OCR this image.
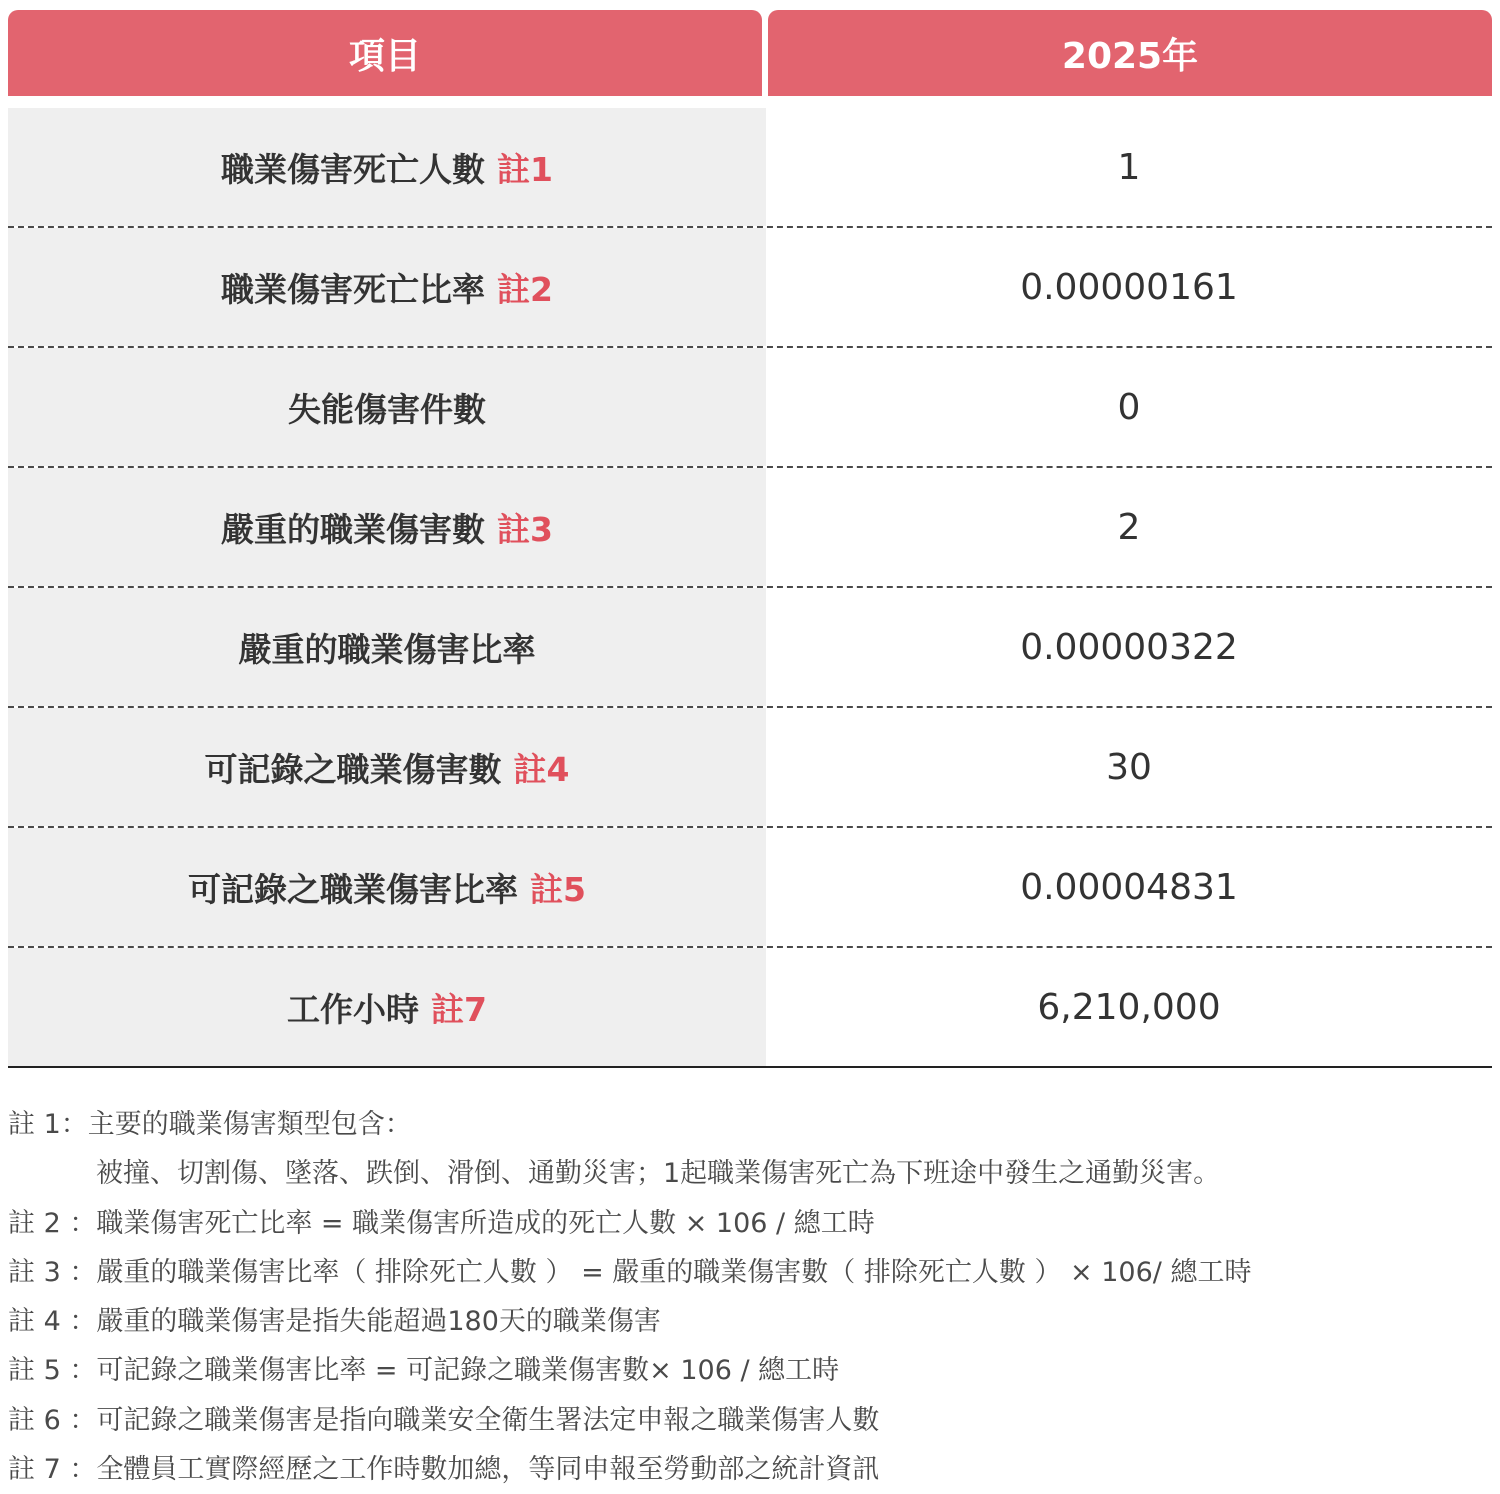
項目	2025年
職業傷害死亡人數 註1	1
職業傷害死亡比率 註2	0.00000161
失能傷害件數	0
嚴重的職業傷害數 註3	2
嚴重的職業傷害比率	0.00000322
可記錄之職業傷害數 註4	30
可記錄之職業傷害比率 註5	0.00004831
工作小時 註7	6,210,000
註 1：主要的職業傷害類型包含：
被撞、切割傷、墜落、跌倒、滑倒、通勤災害；1起職業傷害死亡為下班途中發生之通勤災害。
註 2 ：職業傷害死亡比率 = 職業傷害所造成的死亡人數 × 106 / 總工時
註 3 ：嚴重的職業傷害比率（ 排除死亡人數 ） = 嚴重的職業傷害數（ 排除死亡人數 ） × 106/ 總工時
註 4 ：嚴重的職業傷害是指失能超過180天的職業傷害
註 5 ：可記錄之職業傷害比率 = 可記錄之職業傷害數× 106 / 總工時
註 6 ：可記錄之職業傷害是指向職業安全衛生署法定申報之職業傷害人數
註 7 ：全體員工實際經歷之工作時數加總，等同申報至勞動部之統計資訊
